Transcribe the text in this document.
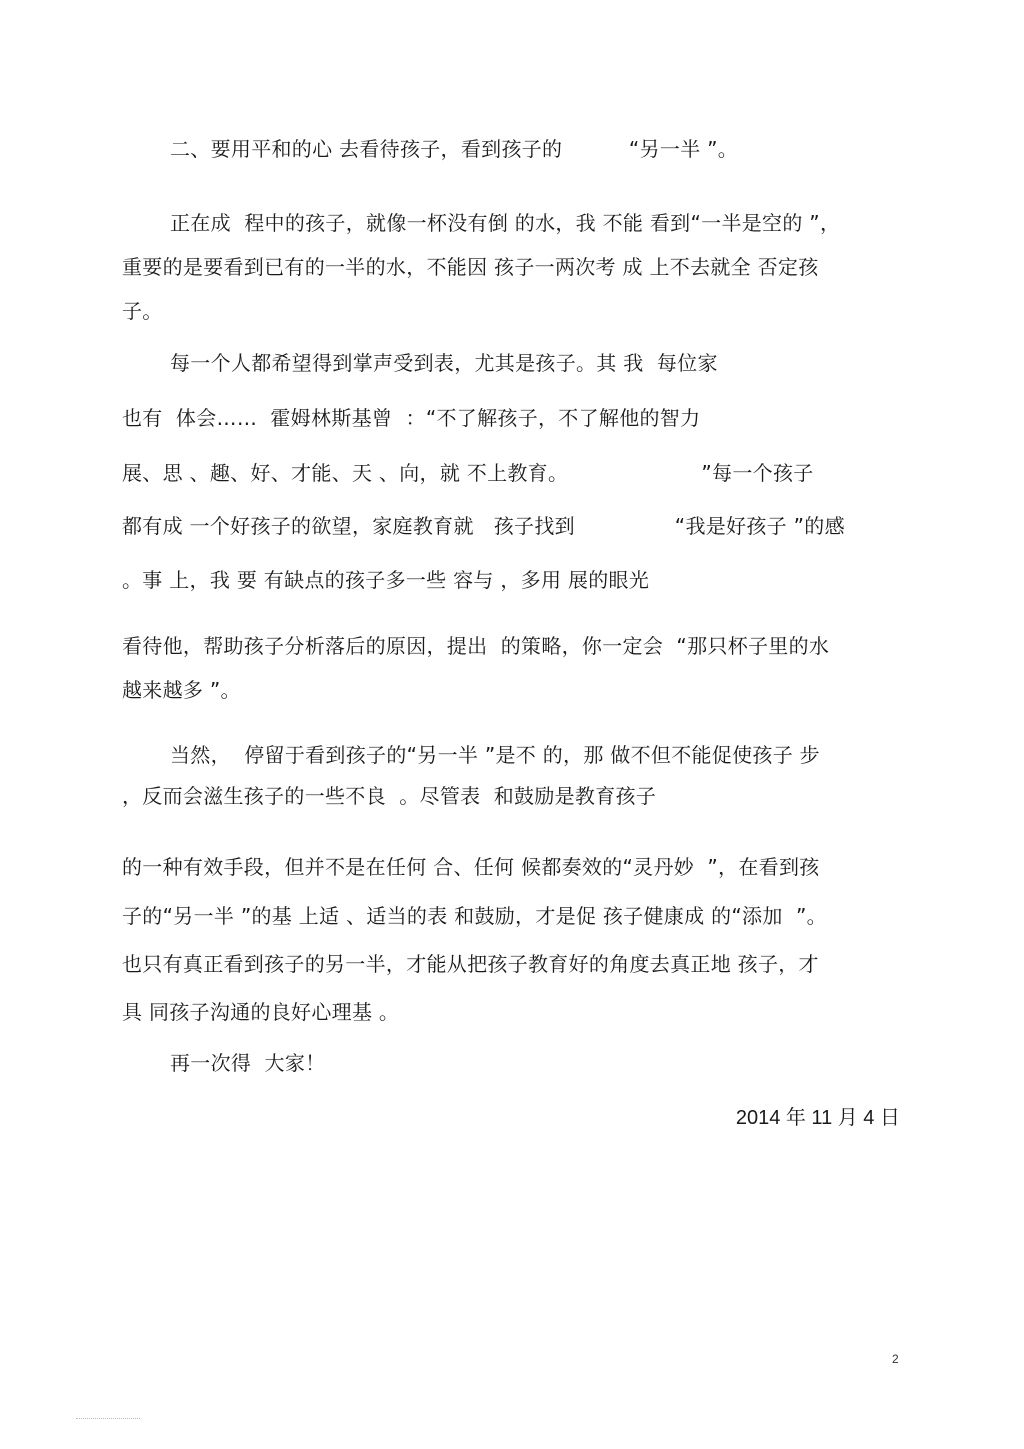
二、要用平和的心 去看待孩子，看到孩子的          “另一半 ”。
正在成  程中的孩子，就像一杯没有倒 的水，我 不能 看到“一半是空的 ”，
重要的是要看到已有的一半的水，不能因 孩子一两次考 成 上不去就全 否定孩
子。
每一个人都希望得到掌声受到表，尤其是孩子。其 我  每位家
也有  体会……  霍姆林斯基曾  ：“不了解孩子，不了解他的智力
展、思 、趣、好、才能、天 、向，就 不上教育。                    ”每一个孩子
都有成 一个好孩子的欲望，家庭教育就   孩子找到               “我是好孩子 ”的感
。事 上，我 要 有缺点的孩子多一些 容与 ，多用 展的眼光
看待他，帮助孩子分析落后的原因，提出  的策略，你一定会  “那只杯子里的水
越来越多 ”。
当然，  停留于看到孩子的“另一半 ”是不 的，那 做不但不能促使孩子 步
，反而会滋生孩子的一些不良  。尽管表  和鼓励是教育孩子
的一种有效手段，但并不是在任何 合、任何 候都奏效的“灵丹妙  ”，在看到孩
子的“另一半 ”的基 上适 、适当的表 和鼓励，才是促 孩子健康成 的“添加  ”。
也只有真正看到孩子的另一半，才能从把孩子教育好的角度去真正地 孩子，才
具 同孩子沟通的良好心理基 。
再一次得  大家！
2014 年 11 月 4 日
2
